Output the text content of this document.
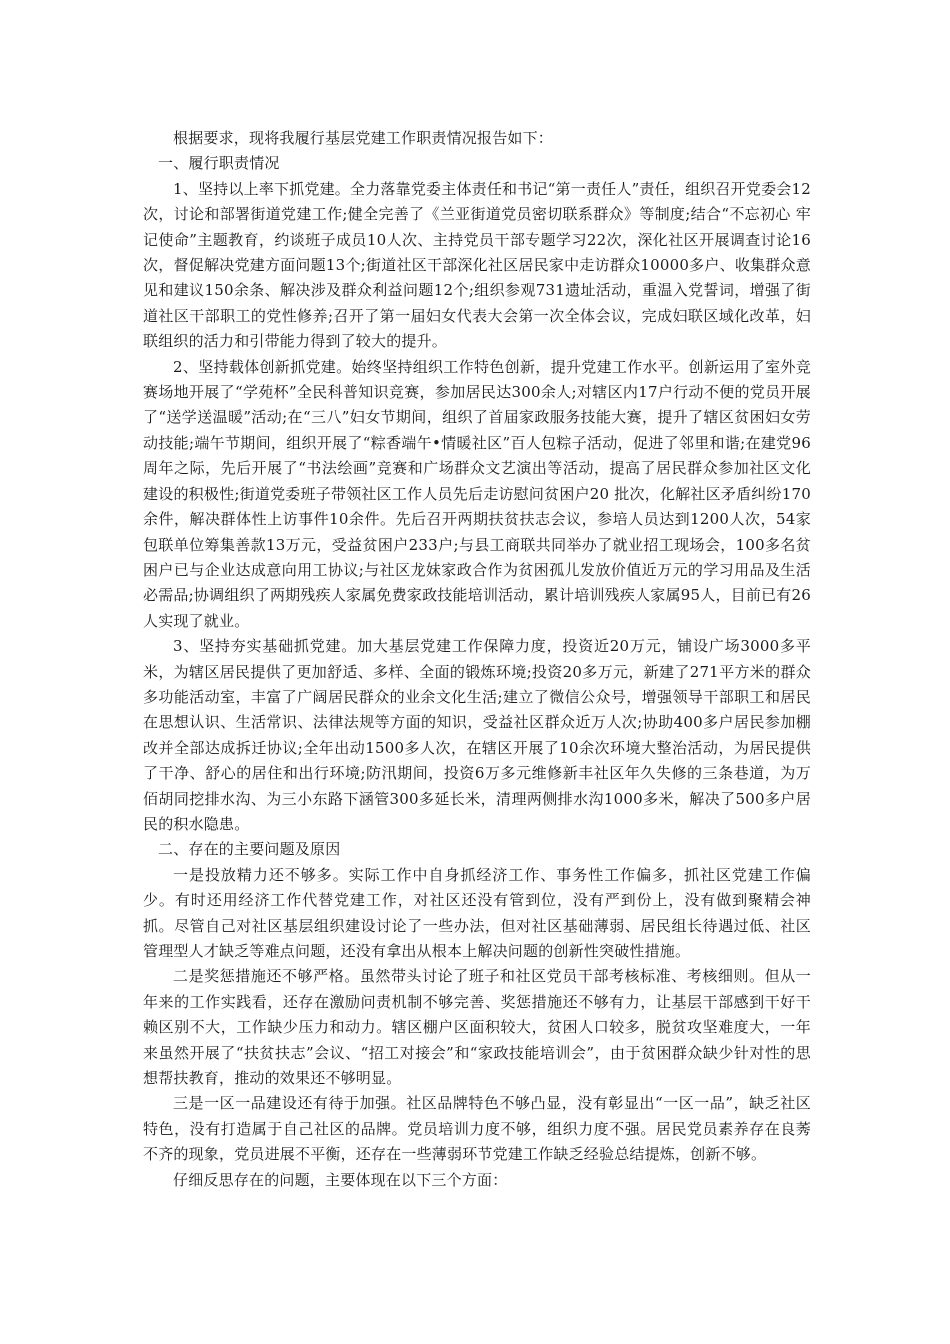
根据要求，现将我履行基层党建工作职责情况报告如下：

一、履行职责情况

1、坚持以上率下抓党建。全力落靠党委主体责任和书记“第一责任人”责任，组织召开党委会12次，讨论和部署街道党建工作;健全完善了《兰亚街道党员密切联系群众》等制度;结合“不忘初心 牢记使命”主题教育，约谈班子成员10人次、主持党员干部专题学习22次，深化社区开展调查讨论16次，督促解决党建方面问题13个;街道社区干部深化社区居民家中走访群众10000多户、收集群众意见和建议150余条、解决涉及群众利益问题12个;组织参观731遗址活动，重温入党誓词，增强了街道社区干部职工的党性修养;召开了第一届妇女代表大会第一次全体会议，完成妇联区域化改革，妇联组织的活力和引带能力得到了较大的提升。

2、坚持载体创新抓党建。始终坚持组织工作特色创新，提升党建工作水平。创新运用了室外竞赛场地开展了“学苑杯”全民科普知识竞赛，参加居民达300余人;对辖区内17户行动不便的党员开展了“送学送温暖”活动;在“三八”妇女节期间，组织了首届家政服务技能大赛，提升了辖区贫困妇女劳动技能;端午节期间，组织开展了“粽香端午•情暖社区”百人包粽子活动，促进了邻里和谐;在建党96周年之际，先后开展了“书法绘画”竞赛和广场群众文艺演出等活动，提高了居民群众参加社区文化建设的积极性;街道党委班子带领社区工作人员先后走访慰问贫困户20 批次，化解社区矛盾纠纷170余件，解决群体性上访事件10余件。先后召开两期扶贫扶志会议，参培人员达到1200人次，54家包联单位筹集善款13万元，受益贫困户233户;与县工商联共同举办了就业招工现场会，100多名贫困户已与企业达成意向用工协议;与社区龙妹家政合作为贫困孤儿发放价值近万元的学习用品及生活必需品;协调组织了两期残疾人家属免费家政技能培训活动，累计培训残疾人家属95人，目前已有26人实现了就业。

3、坚持夯实基础抓党建。加大基层党建工作保障力度，投资近20万元，铺设广场3000多平米，为辖区居民提供了更加舒适、多样、全面的锻炼环境;投资20多万元，新建了271平方米的群众多功能活动室，丰富了广阔居民群众的业余文化生活;建立了微信公众号，增强领导干部职工和居民在思想认识、生活常识、法律法规等方面的知识，受益社区群众近万人次;协助400多户居民参加棚改并全部达成拆迁协议;全年出动1500多人次，在辖区开展了10余次环境大整治活动，为居民提供了干净、舒心的居住和出行环境;防汛期间，投资6万多元维修新丰社区年久失修的三条巷道，为万佰胡同挖排水沟、为三小东路下涵管300多延长米，清理两侧排水沟1000多米，解决了500多户居民的积水隐患。

二、存在的主要问题及原因

一是投放精力还不够多。实际工作中自身抓经济工作、事务性工作偏多，抓社区党建工作偏少。有时还用经济工作代替党建工作，对社区还没有管到位，没有严到份上，没有做到聚精会神抓。尽管自己对社区基层组织建设讨论了一些办法，但对社区基础薄弱、居民组长待遇过低、社区管理型人才缺乏等难点问题，还没有拿出从根本上解决问题的创新性突破性措施。

二是奖惩措施还不够严格。虽然带头讨论了班子和社区党员干部考核标准、考核细则。但从一年来的工作实践看，还存在激励问责机制不够完善、奖惩措施还不够有力，让基层干部感到干好干赖区别不大，工作缺少压力和动力。辖区棚户区面积较大，贫困人口较多，脱贫攻坚难度大，一年来虽然开展了“扶贫扶志”会议、“招工对接会”和“家政技能培训会”，由于贫困群众缺少针对性的思想帮扶教育，推动的效果还不够明显。

三是一区一品建设还有待于加强。社区品牌特色不够凸显，没有彰显出“一区一品”，缺乏社区特色，没有打造属于自己社区的品牌。党员培训力度不够，组织力度不强。居民党员素养存在良莠不齐的现象，党员进展不平衡，还存在一些薄弱环节党建工作缺乏经验总结提炼，创新不够。

仔细反思存在的问题，主要体现在以下三个方面：
